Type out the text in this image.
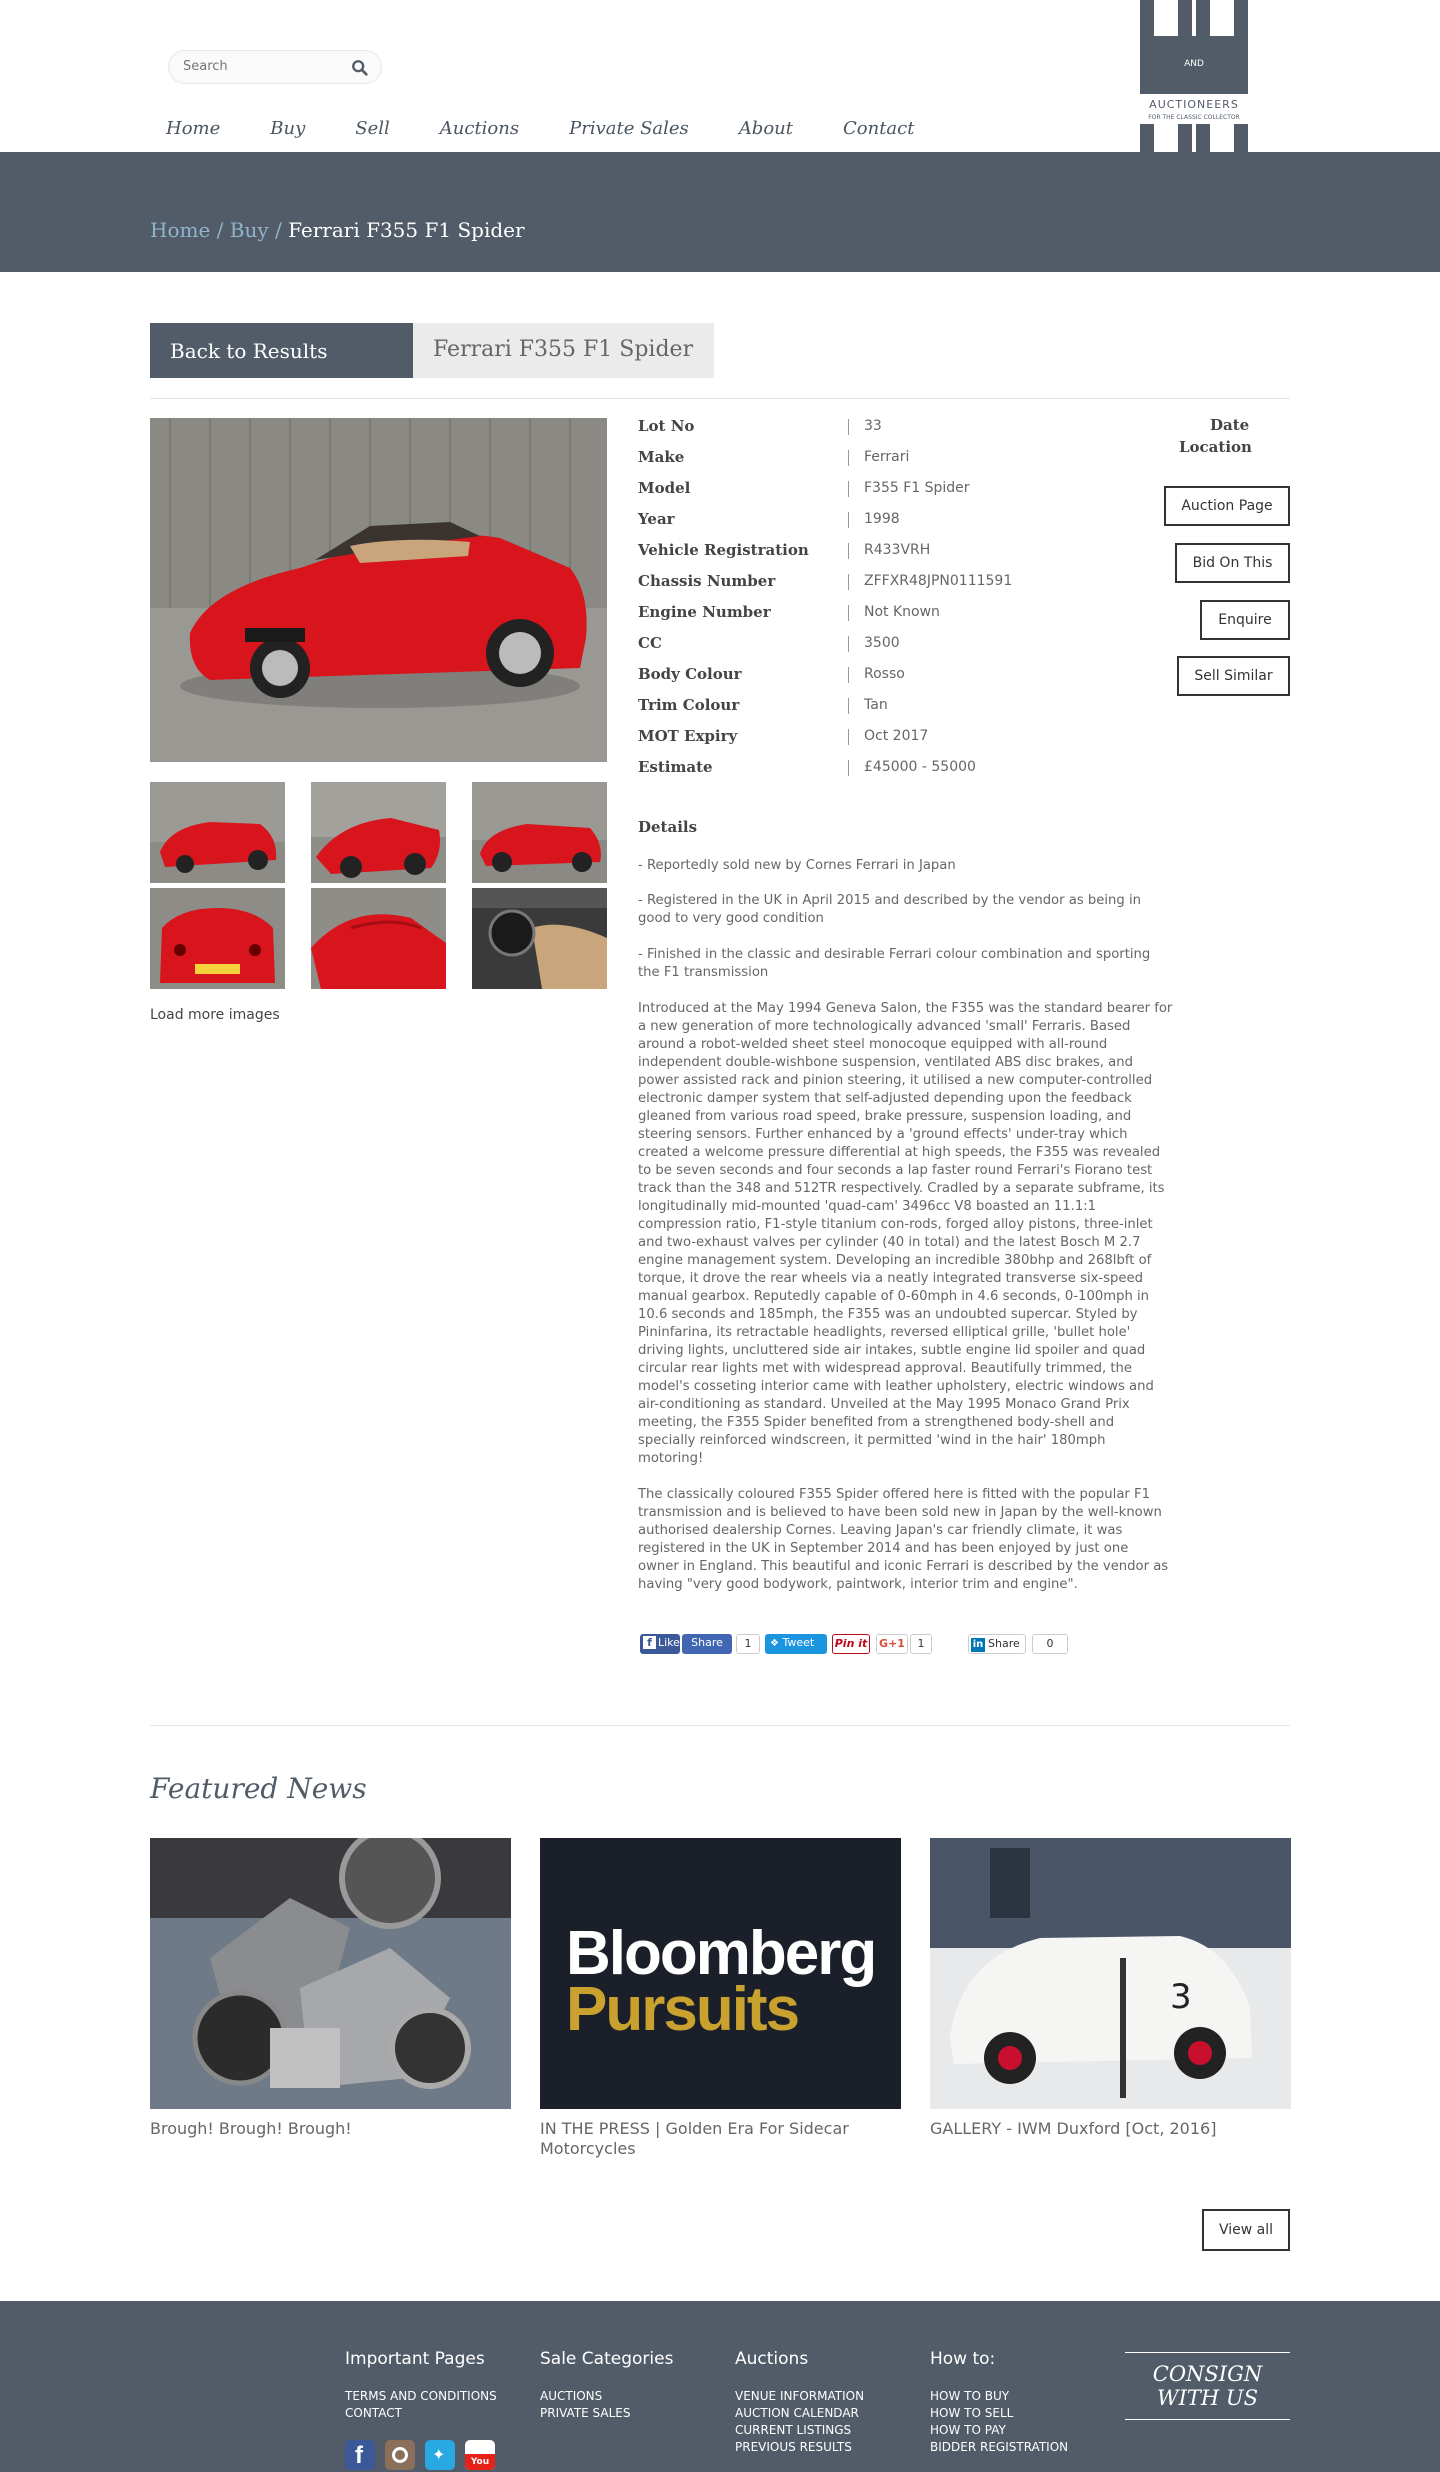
Search
AND
AUCTIONEERS
FOR THE CLASSIC COLLECTOR
Home	Buy	Sell	Auctions	Private Sales	About	Contact
Home / Buy / Ferrari F355 F1 Spider
Back to Results	Ferrari F355 F1 Spider
Load more images
Lot No	33
Make	Ferrari
Model	F355 F1 Spider
Year	1998
Vehicle Registration	R433VRH
Chassis Number	ZFFXR48JPN0111591
Engine Number	Not Known
CC	3500
Body Colour	Rosso
Trim Colour	Tan
MOT Expiry	Oct 2017
Estimate	£45000 - 55000
Date
Location
Auction Page
Bid On This
Enquire
Sell Similar
Details
- Reportedly sold new by Cornes Ferrari in Japan
- Registered in the UK in April 2015 and described by the vendor as being in good to very good condition
- Finished in the classic and desirable Ferrari colour combination and sporting the F1 transmission
Introduced at the May 1994 Geneva Salon, the F355 was the standard bearer for a new generation of more technologically advanced 'small' Ferraris. Based around a robot-welded sheet steel monocoque equipped with all-round independent double-wishbone suspension, ventilated ABS disc brakes, and power assisted rack and pinion steering, it utilised a new computer-controlled electronic damper system that self-adjusted depending upon the feedback gleaned from various road speed, brake pressure, suspension loading, and steering sensors. Further enhanced by a 'ground effects' under-tray which created a welcome pressure differential at high speeds, the F355 was revealed to be seven seconds and four seconds a lap faster round Ferrari's Fiorano test track than the 348 and 512TR respectively. Cradled by a separate subframe, its longitudinally mid-mounted 'quad-cam' 3496cc V8 boasted an 11.1:1 compression ratio, F1-style titanium con-rods, forged alloy pistons, three-inlet and two-exhaust valves per cylinder (40 in total) and the latest Bosch M 2.7 engine management system. Developing an incredible 380bhp and 268lbft of torque, it drove the rear wheels via a neatly integrated transverse six-speed manual gearbox. Reputedly capable of 0-60mph in 4.6 seconds, 0-100mph in 10.6 seconds and 185mph, the F355 was an undoubted supercar. Styled by Pininfarina, its retractable headlights, reversed elliptical grille, 'bullet hole' driving lights, uncluttered side air intakes, subtle engine lid spoiler and quad circular rear lights met with widespread approval. Beautifully trimmed, the model's cosseting interior came with leather upholstery, electric windows and air-conditioning as standard. Unveiled at the May 1995 Monaco Grand Prix meeting, the F355 Spider benefited from a strengthened body-shell and specially reinforced windscreen, it permitted 'wind in the hair' 180mph motoring!
The classically coloured F355 Spider offered here is fitted with the popular F1 transmission and is believed to have been sold new in Japan by the well-known authorised dealership Cornes. Leaving Japan's car friendly climate, it was registered in the UK in September 2014 and has been enjoyed by just one owner in England. This beautiful and iconic Ferrari is described by the vendor as having "very good bodywork, paintwork, interior trim and engine".
f Like	Share	1	❖ Tweet	Pin it G+1	1	in Share	0
Featured News
Bloomberg
Pursuits	3
Brough! Brough! Brough!	IN THE PRESS | Golden Era For Sidecar Motorcycles
GALLERY - IWM Duxford [Oct, 2016]
View all
Important Pages
TERMS AND CONDITIONS
CONTACT
Sale Categories
AUCTIONS
PRIVATE SALES
Auctions
VENUE INFORMATION
AUCTION CALENDAR
CURRENT LISTINGS
PREVIOUS RESULTS
How to:
HOW TO BUY
HOW TO SELL
HOW TO PAY
BIDDER REGISTRATION
CONSIGN
WITH US
f	✦	You
